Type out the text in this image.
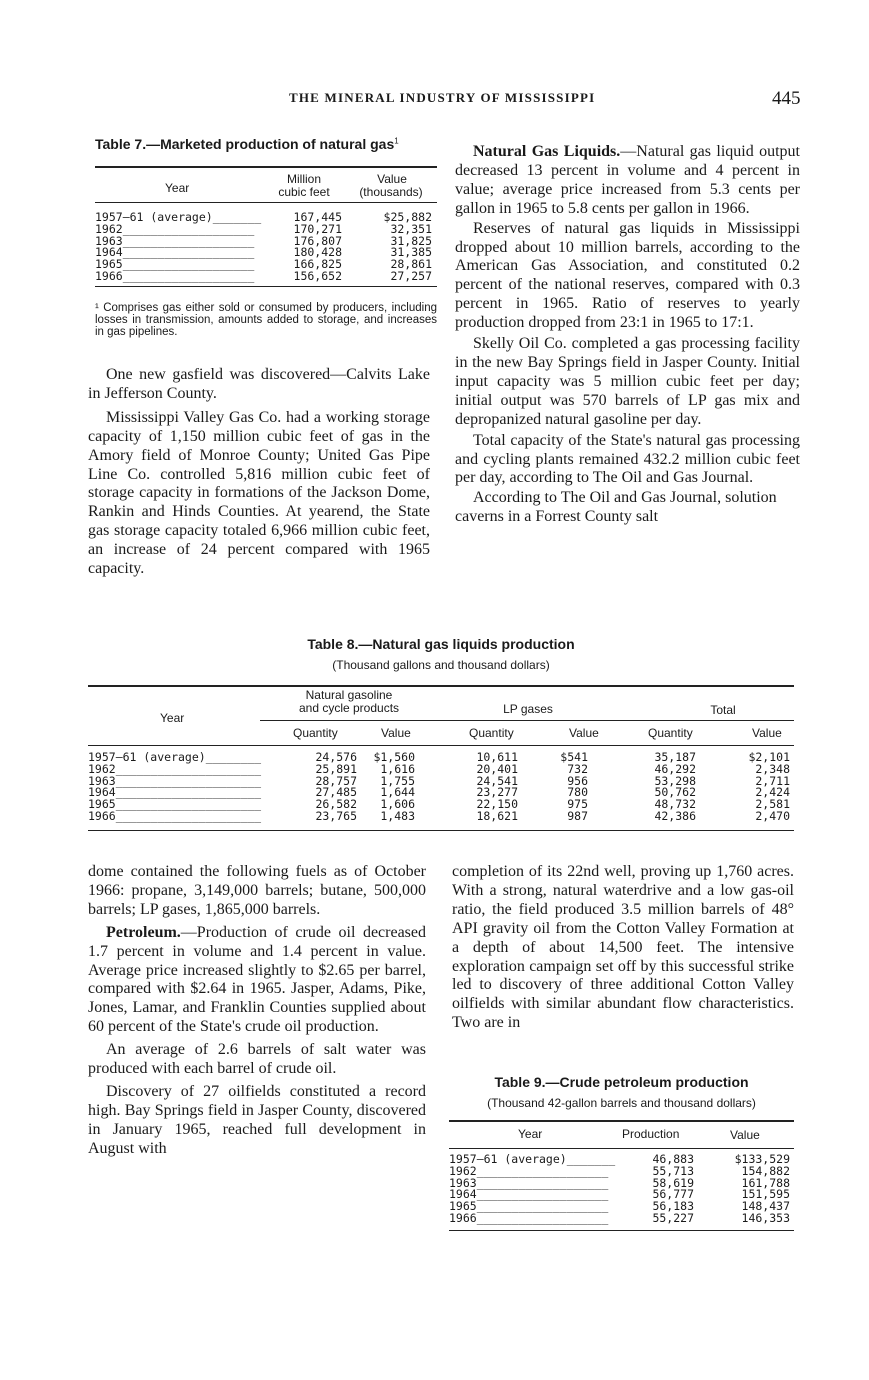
THE MINERAL INDUSTRY OF MISSISSIPPI	445
Table 7.—Marketed production of natural gas$^1$
Year
Million
cubic feet
Value
(thousands)
1957–61 (average)_______	167,445	$25,882
1962___________________	170,271	32,351
1963___________________	176,807	31,825
1964___________________	180,428	31,385
1965___________________	166,825	28,861
1966___________________	156,652	27,257
¹ Comprises gas either sold or consumed by producers, including losses in transmission, amounts added to storage, and increases in gas pipelines.

One new gasfield was discovered—Calvits Lake in Jefferson County.

Mississippi Valley Gas Co. had a working storage capacity of 1,150 million cubic feet of gas in the Amory field of Monroe County; United Gas Pipe Line Co. controlled 5,816 million cubic feet of storage capacity in formations of the Jackson Dome, Rankin and Hinds Counties. At yearend, the State gas storage capacity totaled 6,966 million cubic feet, an increase of 24 percent compared with 1965 capacity.

Natural Gas Liquids.—Natural gas liquid output decreased 13 percent in volume and 4 percent in value; average price increased from 5.3 cents per gallon in 1965 to 5.8 cents per gallon in 1966.

Reserves of natural gas liquids in Mississippi dropped about 10 million barrels, according to the American Gas Association, and constituted 0.2 percent of the national reserves, compared with 0.3 percent in 1965. Ratio of reserves to yearly production dropped from 23:1 in 1965 to 17:1.

Skelly Oil Co. completed a gas processing facility in the new Bay Springs field in Jasper County. Initial input capacity was 5 million cubic feet per day; initial output was 570 barrels of LP gas mix and depropanized natural gasoline per day.

Total capacity of the State's natural gas processing and cycling plants remained 432.2 million cubic feet per day, according to The Oil and Gas Journal.

According to The Oil and Gas Journal, solution caverns in a Forrest County salt

Table 8.—Natural gas liquids production
(Thousand gallons and thousand dollars)
Year
Natural gasoline
and cycle products	LP gases	Total
Quantity	Value	Quantity	Value	Quantity	Value
1957–61 (average)________	24,576 $1,560	10,611	$541	35,187	$2,101
1962_____________________	25,891 1,616	20,401	732	46,292	2,348
1963_____________________	28,757 1,755	24,541	956	53,298	2,711
1964_____________________	27,485 1,644	23,277	780	50,762	2,424
1965_____________________	26,582 1,606	22,150	975	48,732	2,581
1966_____________________	23,765 1,483	18,621	987	42,386	2,470

dome contained the following fuels as of October 1966: propane, 3,149,000 barrels; butane, 500,000 barrels; LP gases, 1,865,000 barrels.

Petroleum.—Production of crude oil decreased 1.7 percent in volume and 1.4 percent in value. Average price increased slightly to $2.65 per barrel, compared with $2.64 in 1965. Jasper, Adams, Pike, Jones, Lamar, and Franklin Counties supplied about 60 percent of the State's crude oil production.

An average of 2.6 barrels of salt water was produced with each barrel of crude oil.

Discovery of 27 oilfields constituted a record high. Bay Springs field in Jasper County, discovered in January 1965, reached full development in August with

completion of its 22nd well, proving up 1,760 acres. With a strong, natural waterdrive and a low gas-oil ratio, the field produced 3.5 million barrels of 48° API gravity oil from the Cotton Valley Formation at a depth of about 14,500 feet. The intensive exploration campaign set off by this successful strike led to discovery of three additional Cotton Valley oilfields with similar abundant flow characteristics. Two are in

Table 9.—Crude petroleum production
(Thousand 42-gallon barrels and thousand dollars)
Year	Production	Value
1957–61 (average)_______	46,883	$133,529
1962___________________	55,713	154,882
1963___________________	58,619	161,788
1964___________________	56,777	151,595
1965___________________	56,183	148,437
1966___________________	55,227	146,353
